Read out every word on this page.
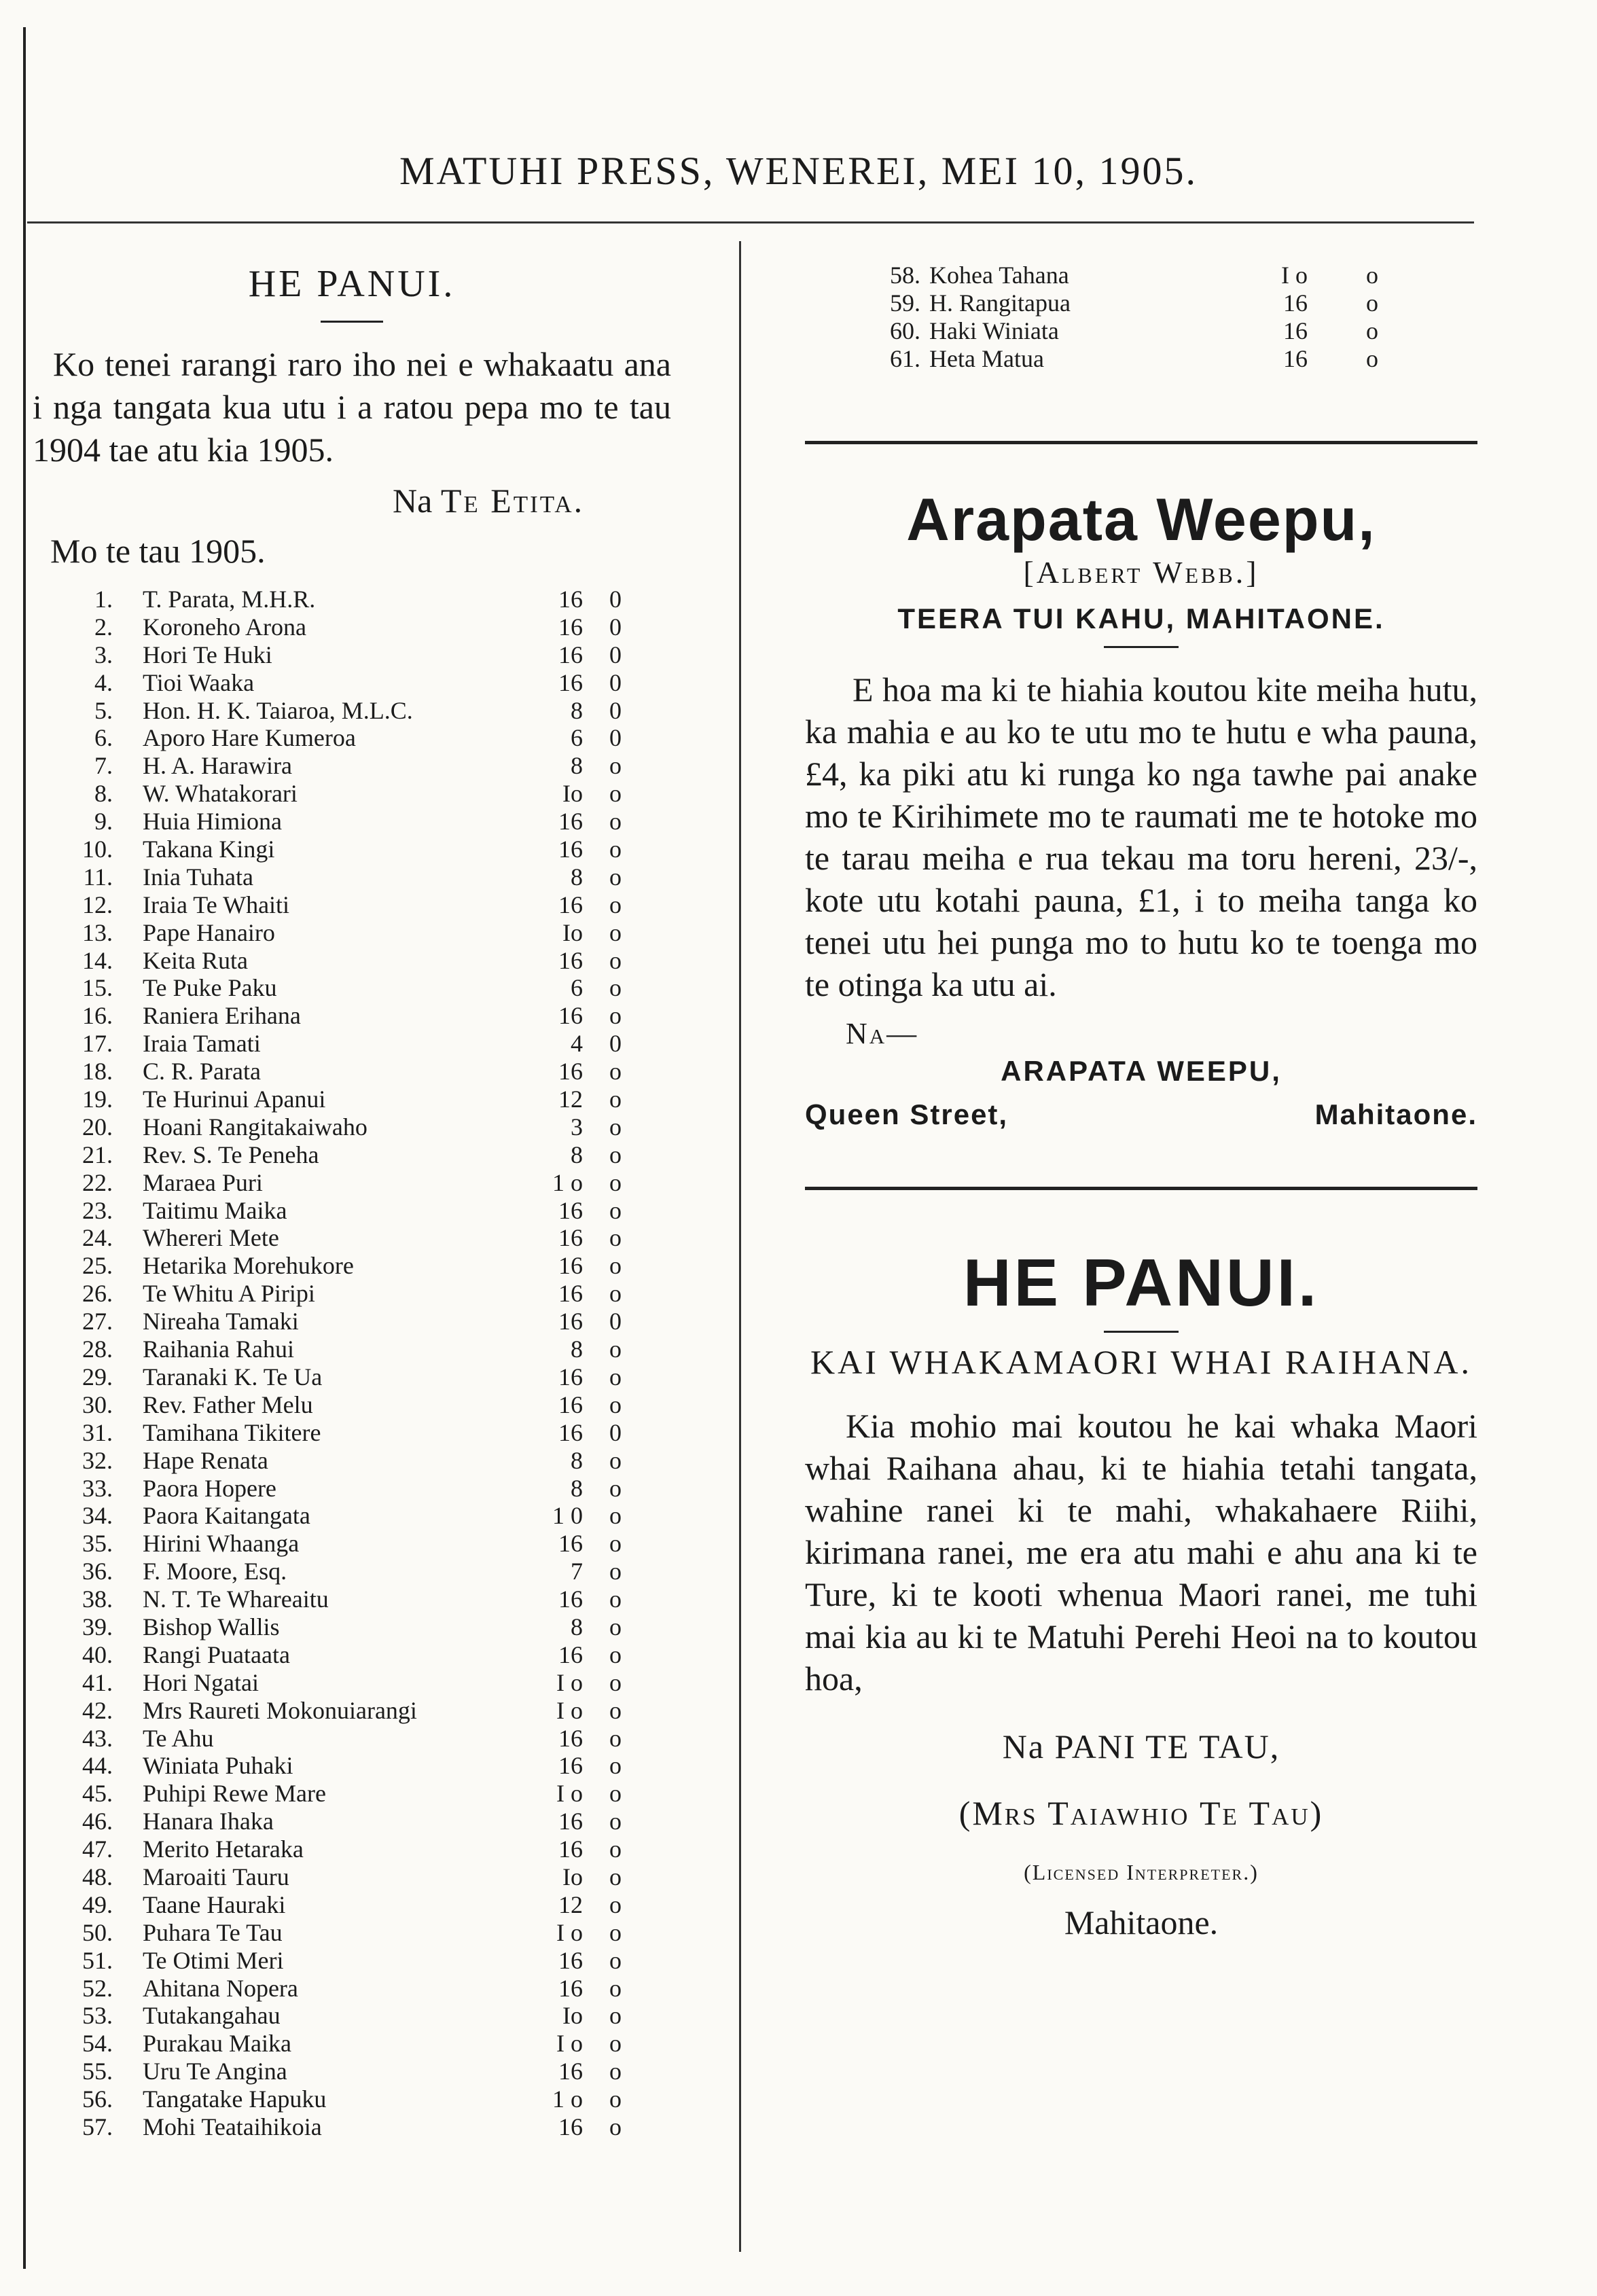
MATUHI PRESS, WENEREI, MEI 10, 1905.
HE PANUI.
Ko tenei rarangi raro iho nei e whakaatu ana i nga tangata kua utu i a ratou pepa mo te tau 1904 tae atu kia 1905.
Na Te Etita.
Mo te tau 1905.
1. T. Parata, M.H.R.	16	0
2. Koroneho Arona	16	0
3. Hori Te Huki	16	0
4. Tioi Waaka	16	0
5. Hon. H. K. Taiaroa, M.L.C.	8	0
6. Aporo Hare Kumeroa	6	0
7. H. A. Harawira	8	o
8. W. Whatakorari	Io	o
9. Huia Himiona	16	o
10. Takana Kingi	16	o
11. Inia Tuhata	8	o
12. Iraia Te Whaiti	16	o
13. Pape Hanairo	Io	o
14. Keita Ruta	16	o
15. Te Puke Paku	6	o
16. Raniera Erihana	16	o
17. Iraia Tamati	4	0
18. C. R. Parata	16	o
19. Te Hurinui Apanui	12	o
20. Hoani Rangitakaiwaho	3	o
21. Rev. S. Te Peneha	8	o
22. Maraea Puri	1 o	o
23. Taitimu Maika	16	o
24. Whereri Mete	16	o
25. Hetarika Morehukore	16	o
26. Te Whitu A Piripi	16	o
27. Nireaha Tamaki	16	0
28. Raihania Rahui	8	o
29. Taranaki K. Te Ua	16	o
30. Rev. Father Melu	16	o
31. Tamihana Tikitere	16	0
32. Hape Renata	8	o
33. Paora Hopere	8	o
34. Paora Kaitangata	1 0	o
35. Hirini Whaanga	16	o
36. F. Moore, Esq.	7	o
38. N. T. Te Whareaitu	16	o
39. Bishop Wallis	8	o
40. Rangi Puataata	16	o
41. Hori Ngatai	I o	o
42. Mrs Raureti Mokonuiarangi	I o	o
43. Te Ahu	16	o
44. Winiata Puhaki	16	o
45. Puhipi Rewe Mare	I o	o
46. Hanara Ihaka	16	o
47. Merito Hetaraka	16	o
48. Maroaiti Tauru	Io	o
49. Taane Hauraki	12	o
50. Puhara Te Tau	I o	o
51. Te Otimi Meri	16	o
52. Ahitana Nopera	16	o
53. Tutakangahau	Io	o
54. Purakau Maika	I o	o
55. Uru Te Angina	16	o
56. Tangatake Hapuku	1 o	o
57. Mohi Teataihikoia	16	o
58. Kohea Tahana	I o	o
59. H. Rangitapua	16	o
60. Haki Winiata	16	o
61. Heta Matua	16	o
Arapata Weepu,
[Albert Webb.]
TEERA TUI KAHU, MAHITAONE.
E hoa ma ki te hiahia koutou kite meiha hutu, ka mahia e au ko te utu mo te hutu e wha pauna, £4, ka piki atu ki runga ko nga tawhe pai anake mo te Kirihimete mo te raumati me te hotoke mo te tarau meiha e rua tekau ma toru hereni, 23/-, kote utu kotahi pauna, £1, i to meiha tanga ko tenei utu hei punga mo to hutu ko te toenga mo te otinga ka utu ai.
Na—
ARAPATA WEEPU,
Queen Street,	Mahitaone.
HE PANUI.
KAI WHAKAMAORI WHAI RAIHANA.
Kia mohio mai koutou he kai whaka Maori whai Raihana ahau, ki te hiahia tetahi tangata, wahine ranei ki te mahi, whakahaere Riihi, kirimana ranei, me era atu mahi e ahu ana ki te Ture, ki te kooti whenua Maori ranei, me tuhi mai kia au ki te Matuhi Perehi Heoi na to koutou hoa,
Na PANI TE TAU,
(Mrs Taiawhio Te Tau)
(Licensed Interpreter.)
Mahitaone.
